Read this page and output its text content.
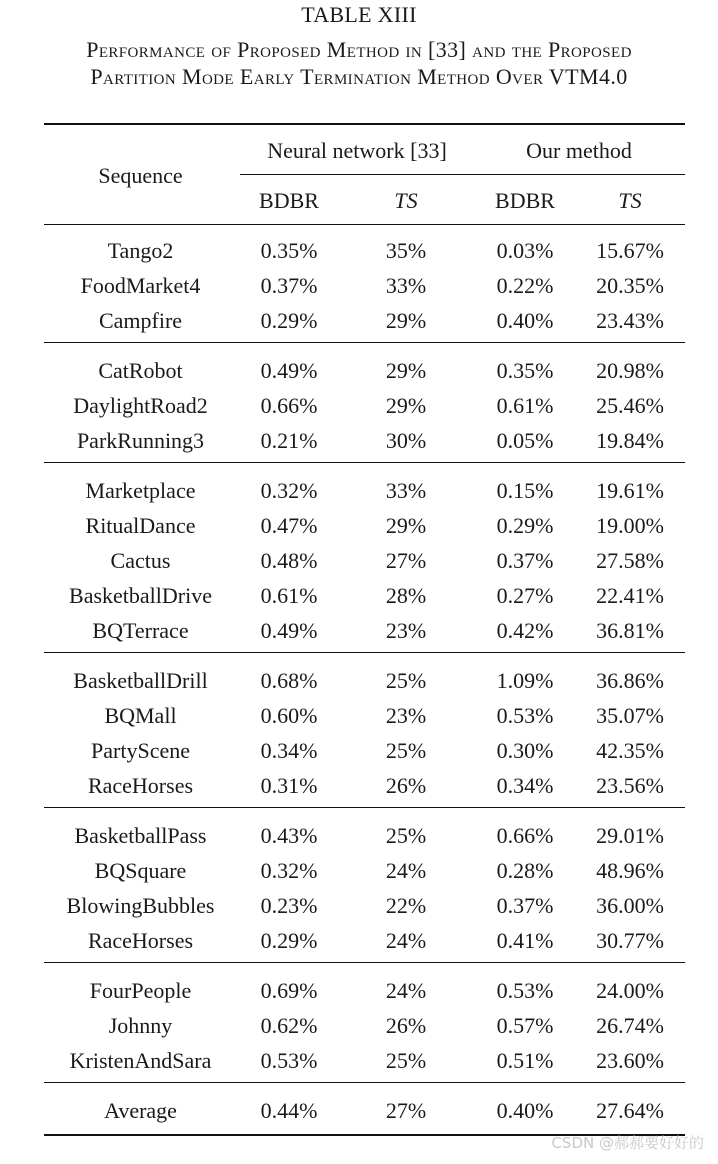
TABLE XIII
Performance of Proposed Method in [33] and the Proposed
Partition Mode Early Termination Method Over VTM4.0
Sequence
Neural network [33]	Our method
BDBR	TS	BDBR	TS
Tango2	0.35%	35%	0.03%	15.67%
FoodMarket4	0.37%	33%	0.22%	20.35%
Campfire	0.29%	29%	0.40%	23.43%
CatRobot	0.49%	29%	0.35%	20.98%
DaylightRoad2	0.66%	29%	0.61%	25.46%
ParkRunning3	0.21%	30%	0.05%	19.84%
Marketplace	0.32%	33%	0.15%	19.61%
RitualDance	0.47%	29%	0.29%	19.00%
Cactus	0.48%	27%	0.37%	27.58%
BasketballDrive	0.61%	28%	0.27%	22.41%
BQTerrace	0.49%	23%	0.42%	36.81%
BasketballDrill	0.68%	25%	1.09%	36.86%
BQMall	0.60%	23%	0.53%	35.07%
PartyScene	0.34%	25%	0.30%	42.35%
RaceHorses	0.31%	26%	0.34%	23.56%
BasketballPass	0.43%	25%	0.66%	29.01%
BQSquare	0.32%	24%	0.28%	48.96%
BlowingBubbles	0.23%	22%	0.37%	36.00%
RaceHorses	0.29%	24%	0.41%	30.77%
FourPeople	0.69%	24%	0.53%	24.00%
Johnny	0.62%	26%	0.57%	26.74%
KristenAndSara	0.53%	25%	0.51%	23.60%
Average	0.44%	27%	0.40%	27.64%
CSDN @郝郝要好好的
